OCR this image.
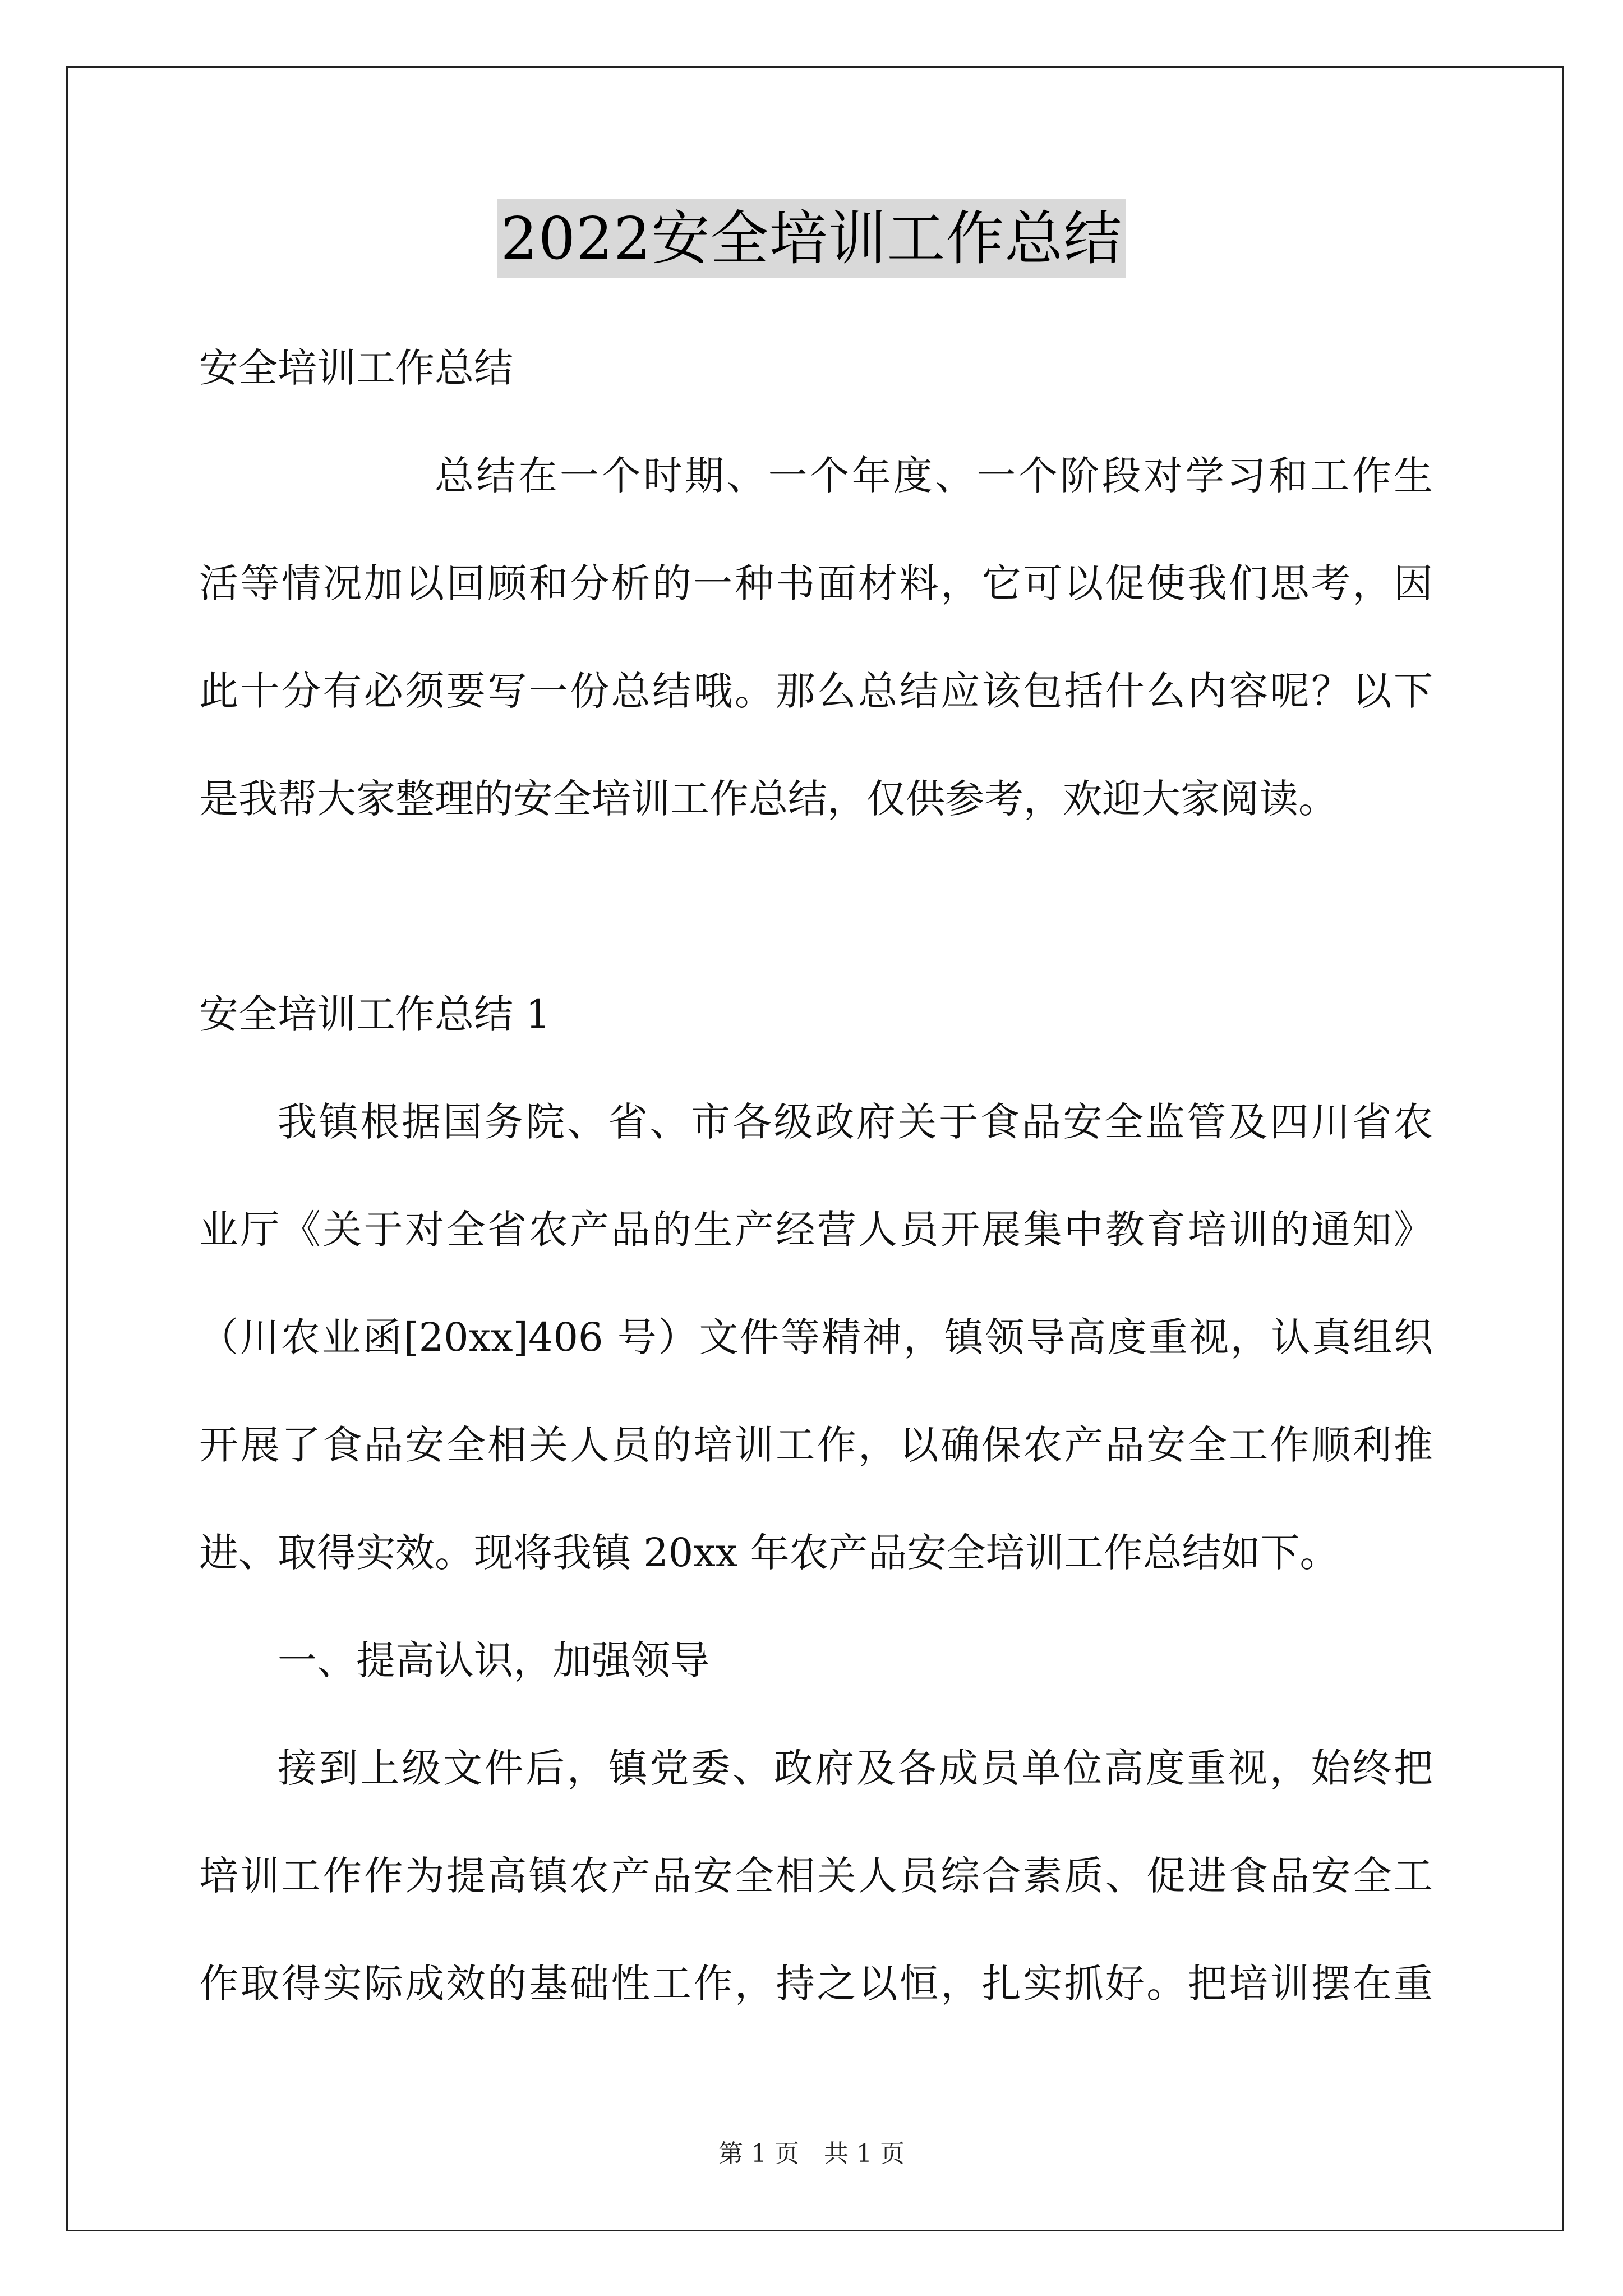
2022安全培训工作总结
安全培训工作总结
总结在一个时期、一个年度、一个阶段对学习和工作生
活等情况加以回顾和分析的一种书面材料，它可以促使我们思考，因
此十分有必须要写一份总结哦。那么总结应该包括什么内容呢？以下
是我帮大家整理的安全培训工作总结，仅供参考，欢迎大家阅读。
安全培训工作总结 1
我镇根据国务院、省、市各级政府关于食品安全监管及四川省农
业厅《关于对全省农产品的生产经营人员开展集中教育培训的通知》
（川农业函[20xx]406 号）文件等精神，镇领导高度重视，认真组织
开展了食品安全相关人员的培训工作，以确保农产品安全工作顺利推
进、取得实效。现将我镇 20xx 年农产品安全培训工作总结如下。
一、提高认识，加强领导
接到上级文件后，镇党委、政府及各成员单位高度重视，始终把
培训工作作为提高镇农产品安全相关人员综合素质、促进食品安全工
作取得实际成效的基础性工作，持之以恒，扎实抓好。把培训摆在重
第 1 页　共 1 页
